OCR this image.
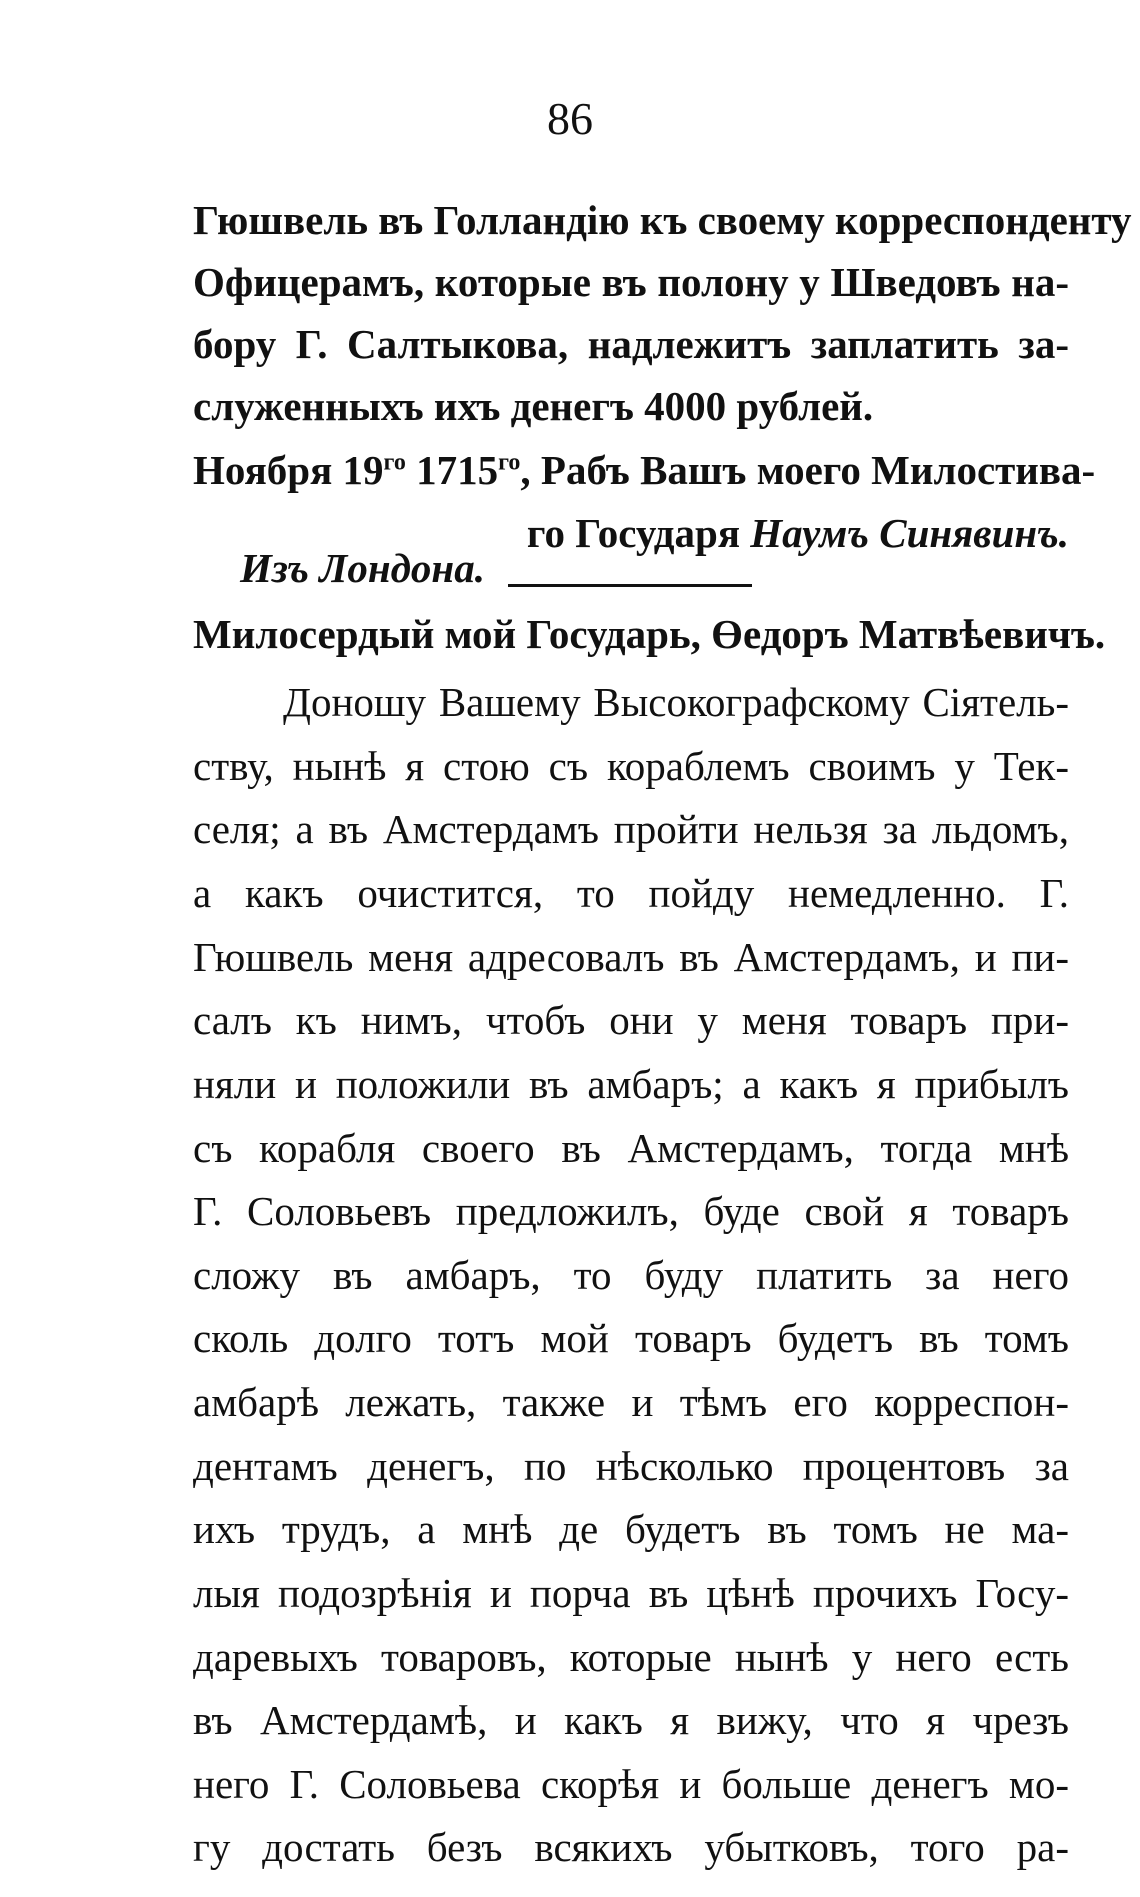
86
Гюшвель въ Голландію къ своему корреспонденту
Офицерамъ, которые въ полону у Шведовъ на-
бору Г. Салтыкова, надлежитъ заплатить за-
служенныхъ ихъ денегъ 4000 рублей.
Ноября $19^{го}$ $1715^{го}$, Рабъ Вашъ моего Милостива-
го Государя Наумъ Синявинъ.
Изъ Лондона.
Милосердый мой Государь, Өедоръ Матвѣевичъ.
Доношу Вашему Высокографскому Сіятель-
ству, нынѣ я стою съ кораблемъ своимъ у Тек-
селя; а въ Амстердамъ пройти нельзя за льдомъ,
а какъ очистится, то пойду немедленно. Г.
Гюшвель меня адресовалъ въ Амстердамъ, и пи-
салъ къ нимъ, чтобъ они у меня товаръ при-
няли и положили въ амбаръ; а какъ я прибылъ
съ корабля своего въ Амстердамъ, тогда мнѣ
Г. Соловьевъ предложилъ, буде свой я товаръ
сложу въ амбаръ, то буду платить за него
сколь долго тотъ мой товаръ будетъ въ томъ
амбарѣ лежать, также и тѣмъ его корреспон-
дентамъ денегъ, по нѣсколько процентовъ за
ихъ трудъ, а мнѣ де будетъ въ томъ не ма-
лыя подозрѣнія и порча въ цѣнѣ прочихъ Госу-
даревыхъ товаровъ, которые нынѣ у него есть
въ Амстердамѣ, и какъ я вижу, что я чрезъ
него Г. Соловьева скорѣя и больше денегъ мо-
гу достать безъ всякихъ убытковъ, того ра-
